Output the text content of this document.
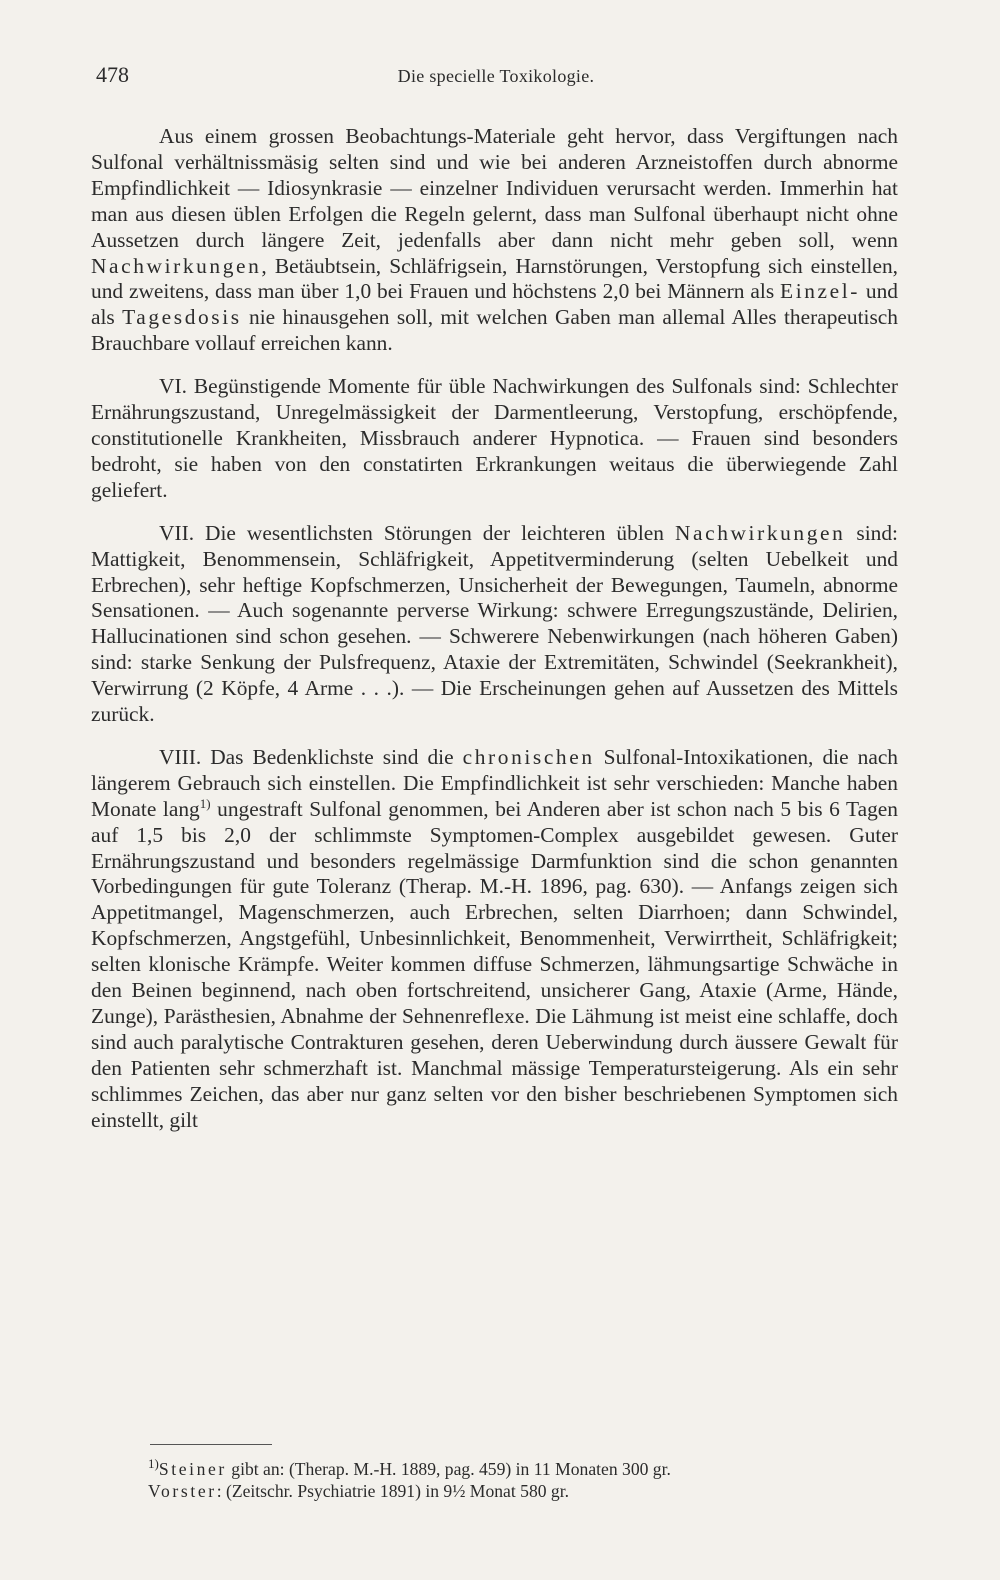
478	Die specielle Toxikologie.

Aus einem grossen Beobachtungs-Materiale geht hervor, dass Vergiftungen nach Sulfonal verhältnissmäsig selten sind und wie bei anderen Arzneistoffen durch abnorme Empfindlichkeit — Idiosynkrasie — einzelner Individuen verursacht werden. Immerhin hat man aus diesen üblen Erfolgen die Regeln gelernt, dass man Sulfonal überhaupt nicht ohne Aussetzen durch längere Zeit, jedenfalls aber dann nicht mehr geben soll, wenn Nachwirkungen, Betäubtsein, Schläfrigsein, Harnstörungen, Verstopfung sich einstellen, und zweitens, dass man über 1,0 bei Frauen und höchstens 2,0 bei Männern als Einzel- und als Tagesdosis nie hinausgehen soll, mit welchen Gaben man allemal Alles therapeutisch Brauchbare vollauf erreichen kann.

VI. Begünstigende Momente für üble Nachwirkungen des Sulfonals sind: Schlechter Ernährungszustand, Unregelmässigkeit der Darmentleerung, Verstopfung, erschöpfende, constitutionelle Krankheiten, Missbrauch anderer Hypnotica. — Frauen sind besonders bedroht, sie haben von den constatirten Erkrankungen weitaus die überwiegende Zahl geliefert.

VII. Die wesentlichsten Störungen der leichteren üblen Nachwirkungen sind: Mattigkeit, Benommensein, Schläfrigkeit, Appetitverminderung (selten Uebelkeit und Erbrechen), sehr heftige Kopfschmerzen, Unsicherheit der Bewegungen, Taumeln, abnorme Sensationen. — Auch sogenannte perverse Wirkung: schwere Erregungszustände, Delirien, Hallucinationen sind schon gesehen. — Schwerere Nebenwirkungen (nach höheren Gaben) sind: starke Senkung der Pulsfrequenz, Ataxie der Extremitäten, Schwindel (Seekrankheit), Verwirrung (2 Köpfe, 4 Arme . . .). — Die Erscheinungen gehen auf Aussetzen des Mittels zurück.

VIII. Das Bedenklichste sind die chronischen Sulfonal-Intoxikationen, die nach längerem Gebrauch sich einstellen. Die Empfindlichkeit ist sehr verschieden: Manche haben Monate lang$^{1)}$ ungestraft Sulfonal genommen, bei Anderen aber ist schon nach 5 bis 6 Tagen auf 1,5 bis 2,0 der schlimmste Symptomen-Complex ausgebildet gewesen. Guter Ernährungszustand und besonders regelmässige Darmfunktion sind die schon genannten Vorbedingungen für gute Toleranz (Therap. M.-H. 1896, pag. 630). — Anfangs zeigen sich Appetitmangel, Magenschmerzen, auch Erbrechen, selten Diarrhoen; dann Schwindel, Kopfschmerzen, Angstgefühl, Unbesinnlichkeit, Benommenheit, Verwirrtheit, Schläfrigkeit; selten klonische Krämpfe. Weiter kommen diffuse Schmerzen, lähmungsartige Schwäche in den Beinen beginnend, nach oben fortschreitend, unsicherer Gang, Ataxie (Arme, Hände, Zunge), Parästhesien, Abnahme der Sehnenreflexe. Die Lähmung ist meist eine schlaffe, doch sind auch paralytische Contrakturen gesehen, deren Ueberwindung durch äussere Gewalt für den Patienten sehr schmerzhaft ist. Manchmal mässige Temperatursteigerung. Als ein sehr schlimmes Zeichen, das aber nur ganz selten vor den bisher beschriebenen Symptomen sich einstellt, gilt

$^{1)}$Steiner gibt an: (Therap. M.-H. 1889, pag. 459) in 11 Monaten 300 gr.
Vorster: (Zeitschr. Psychiatrie 1891) in 9½ Monat 580 gr.
